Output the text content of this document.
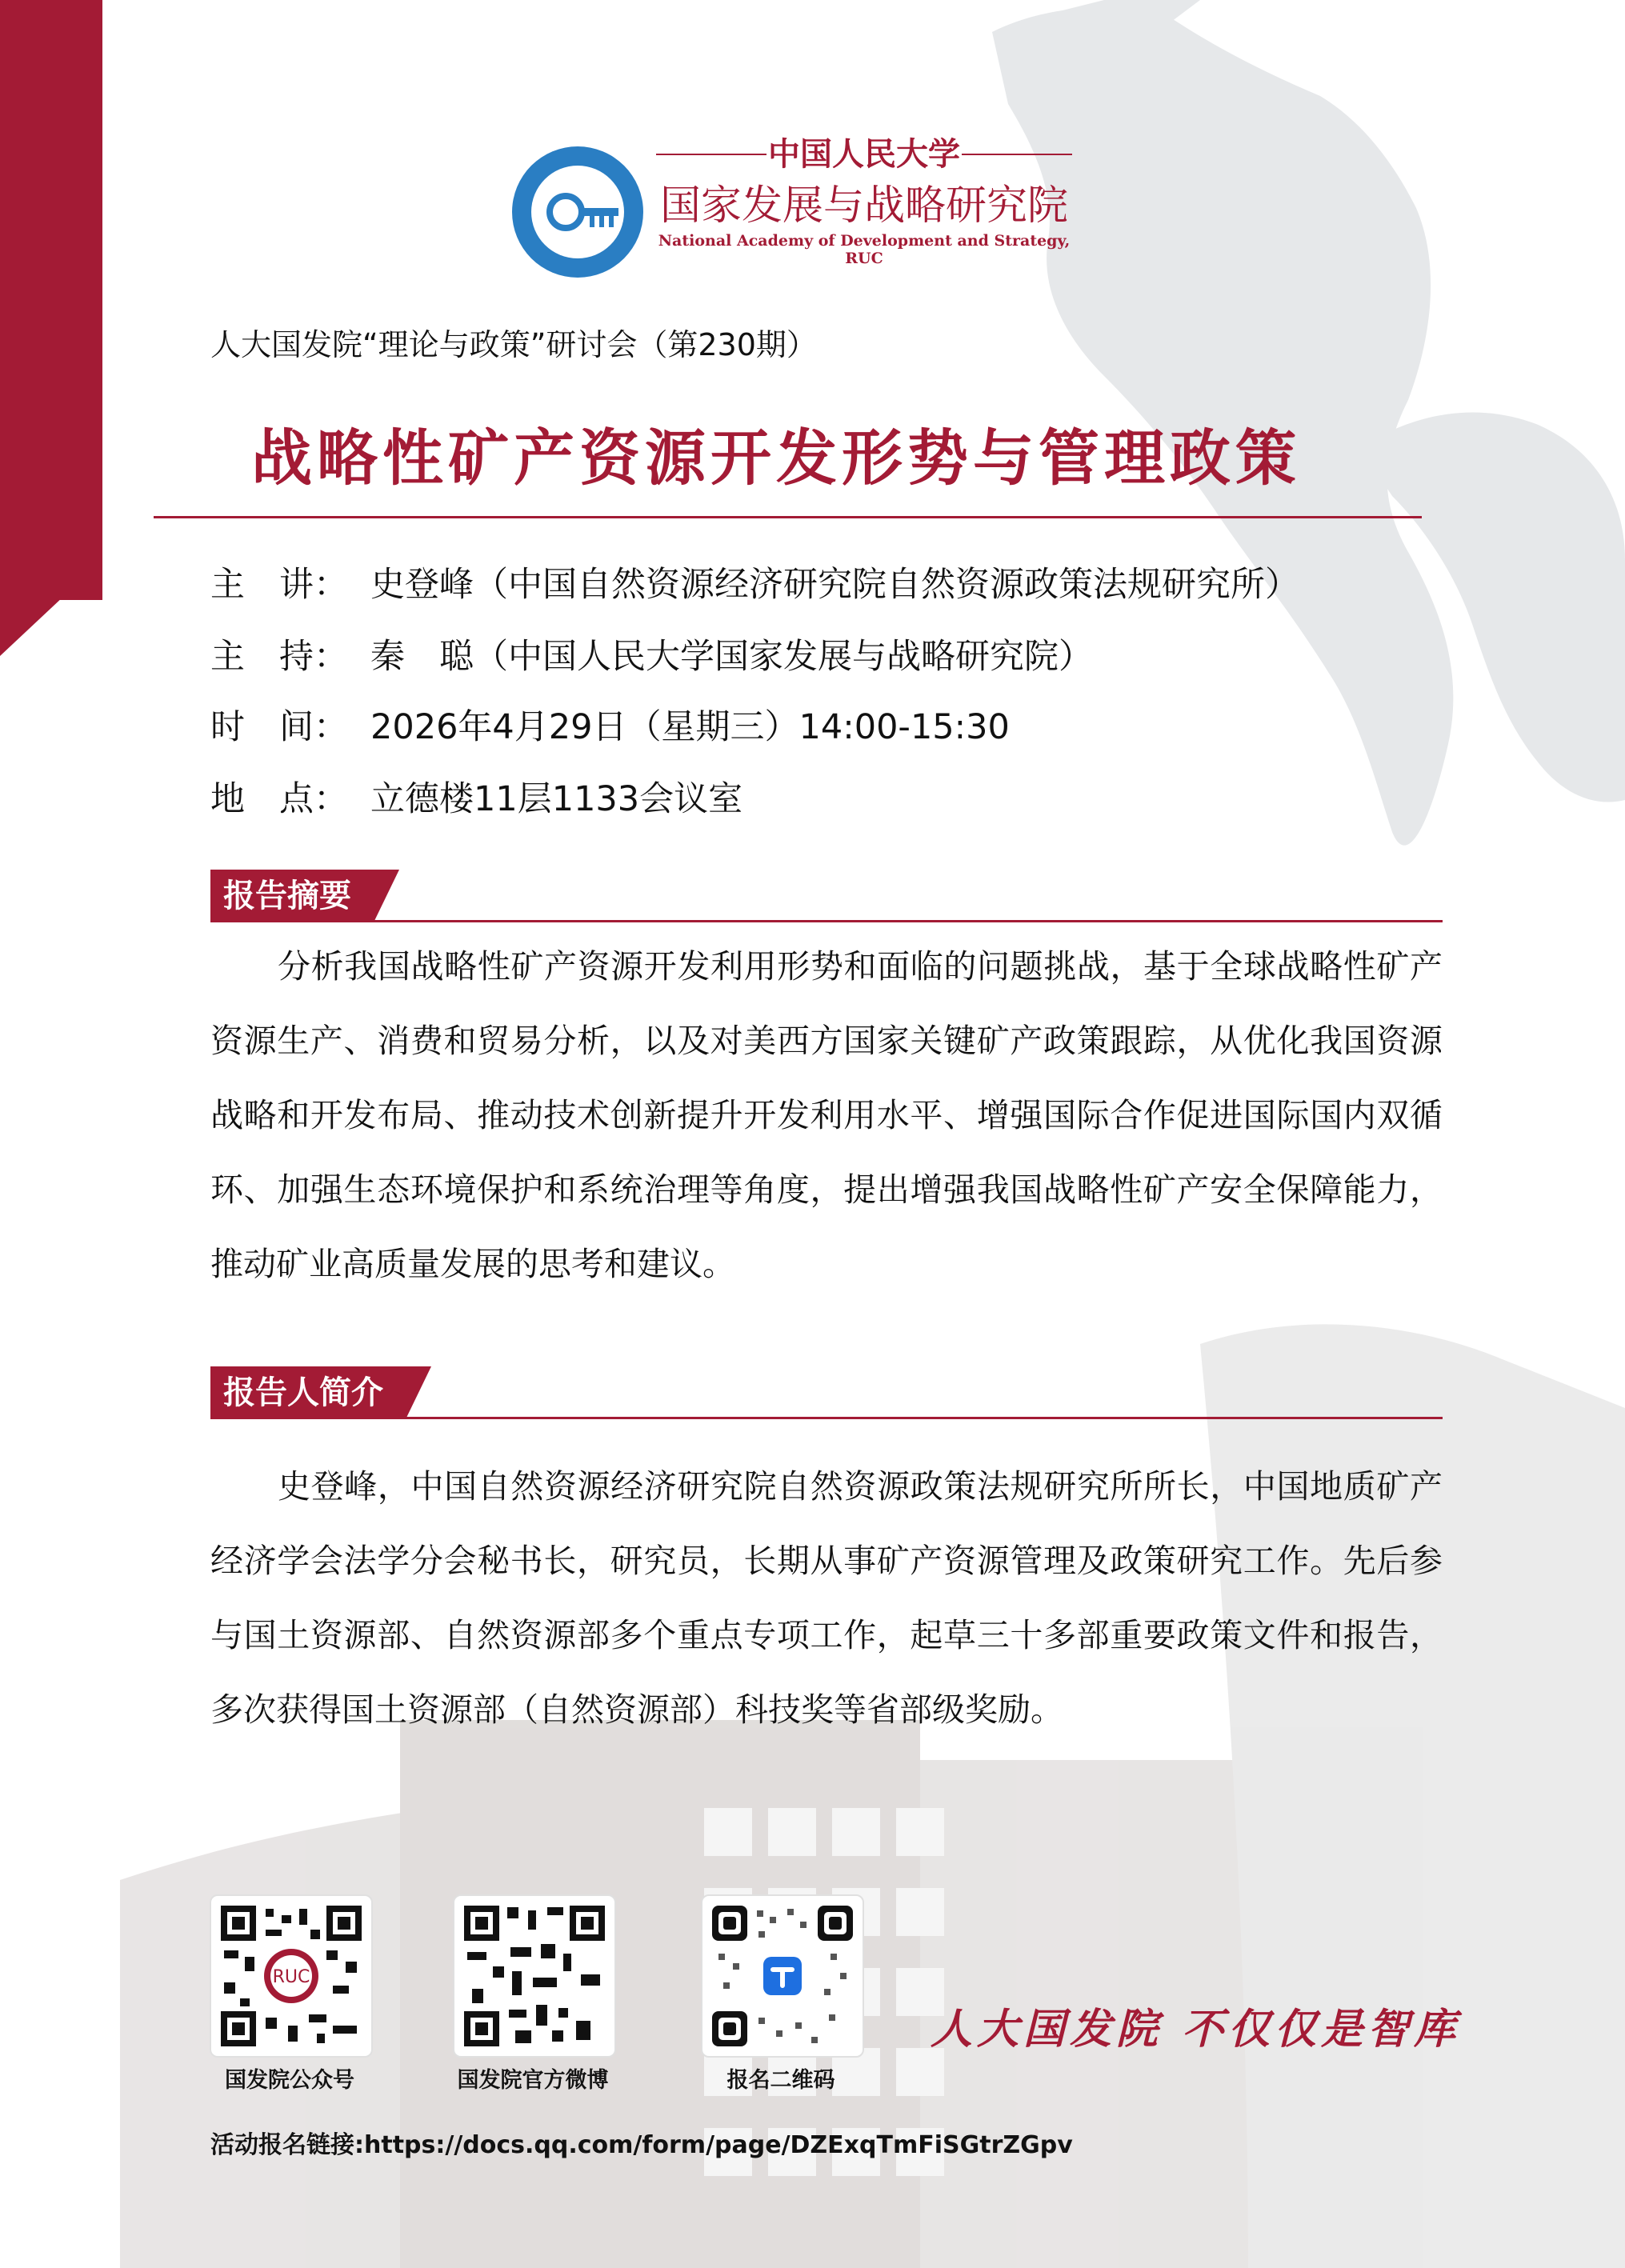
中国人民大学
国家发展与战略研究院
National Academy of Development and Strategy, RUC
人大国发院“理论与政策”研讨会（第230期）
战略性矿产资源开发形势与管理政策
主　讲： 史登峰（中国自然资源经济研究院自然资源政策法规研究所）
主　持： 秦　聪（中国人民大学国家发展与战略研究院）
时　间： 2026年4月29日（星期三）14:00-15:30
地　点： 立德楼11层1133会议室
报告摘要
分析我国战略性矿产资源开发利用形势和面临的问题挑战，基于全球战略性矿产资源生产、消费和贸易分析，以及对美西方国家关键矿产政策跟踪，从优化我国资源战略和开发布局、推动技术创新提升开发利用水平、增强国际合作促进国际国内双循环、加强生态环境保护和系统治理等角度，提出增强我国战略性矿产安全保障能力，推动矿业高质量发展的思考和建议。
报告人简介
史登峰，中国自然资源经济研究院自然资源政策法规研究所所长，中国地质矿产经济学会法学分会秘书长，研究员，长期从事矿产资源管理及政策研究工作。先后参与国土资源部、自然资源部多个重点专项工作，起草三十多部重要政策文件和报告，多次获得国土资源部（自然资源部）科技奖等省部级奖励。
RUC
国发院公众号	国发院官方微博	报名二维码
人大国发院 不仅仅是智库
活动报名链接:https://docs.qq.com/form/page/DZExqTmFiSGtrZGpv
